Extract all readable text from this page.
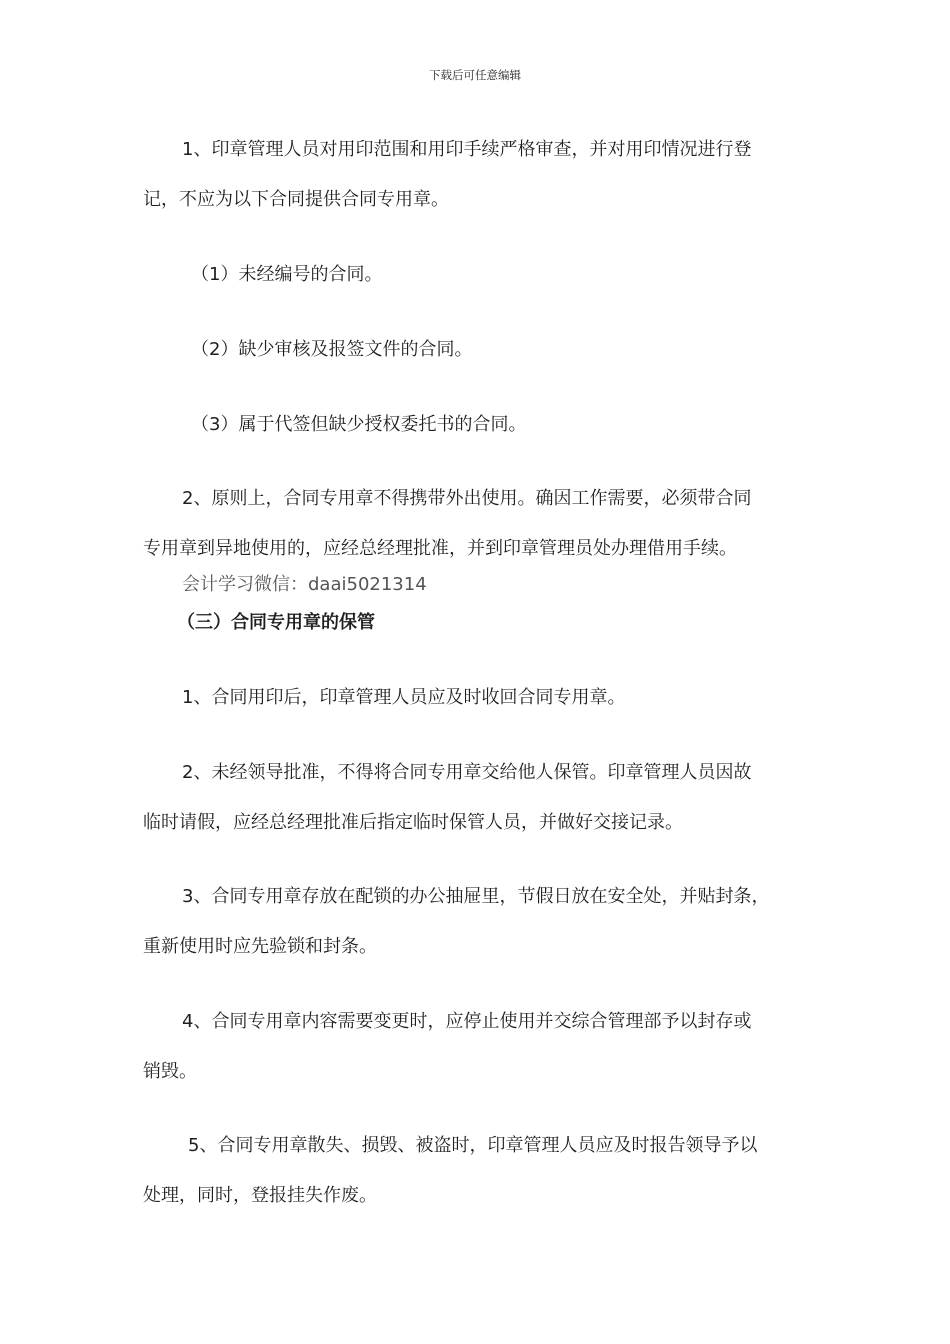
下载后可任意编辑
1、印章管理人员对用印范围和用印手续严格审查，并对用印情况进行登
记，不应为以下合同提供合同专用章。
（1）未经编号的合同。
（2）缺少审核及报签文件的合同。
（3）属于代签但缺少授权委托书的合同。
2、原则上，合同专用章不得携带外出使用。确因工作需要，必须带合同
专用章到异地使用的，应经总经理批准，并到印章管理员处办理借用手续。
会计学习微信：daai5021314
（三）合同专用章的保管
1、合同用印后，印章管理人员应及时收回合同专用章。
2、未经领导批准，不得将合同专用章交给他人保管。印章管理人员因故
临时请假，应经总经理批准后指定临时保管人员，并做好交接记录。
3、合同专用章存放在配锁的办公抽屉里，节假日放在安全处，并贴封条，
重新使用时应先验锁和封条。
4、合同专用章内容需要变更时，应停止使用并交综合管理部予以封存或
销毁。
5、合同专用章散失、损毁、被盗时，印章管理人员应及时报告领导予以
处理，同时，登报挂失作废。
